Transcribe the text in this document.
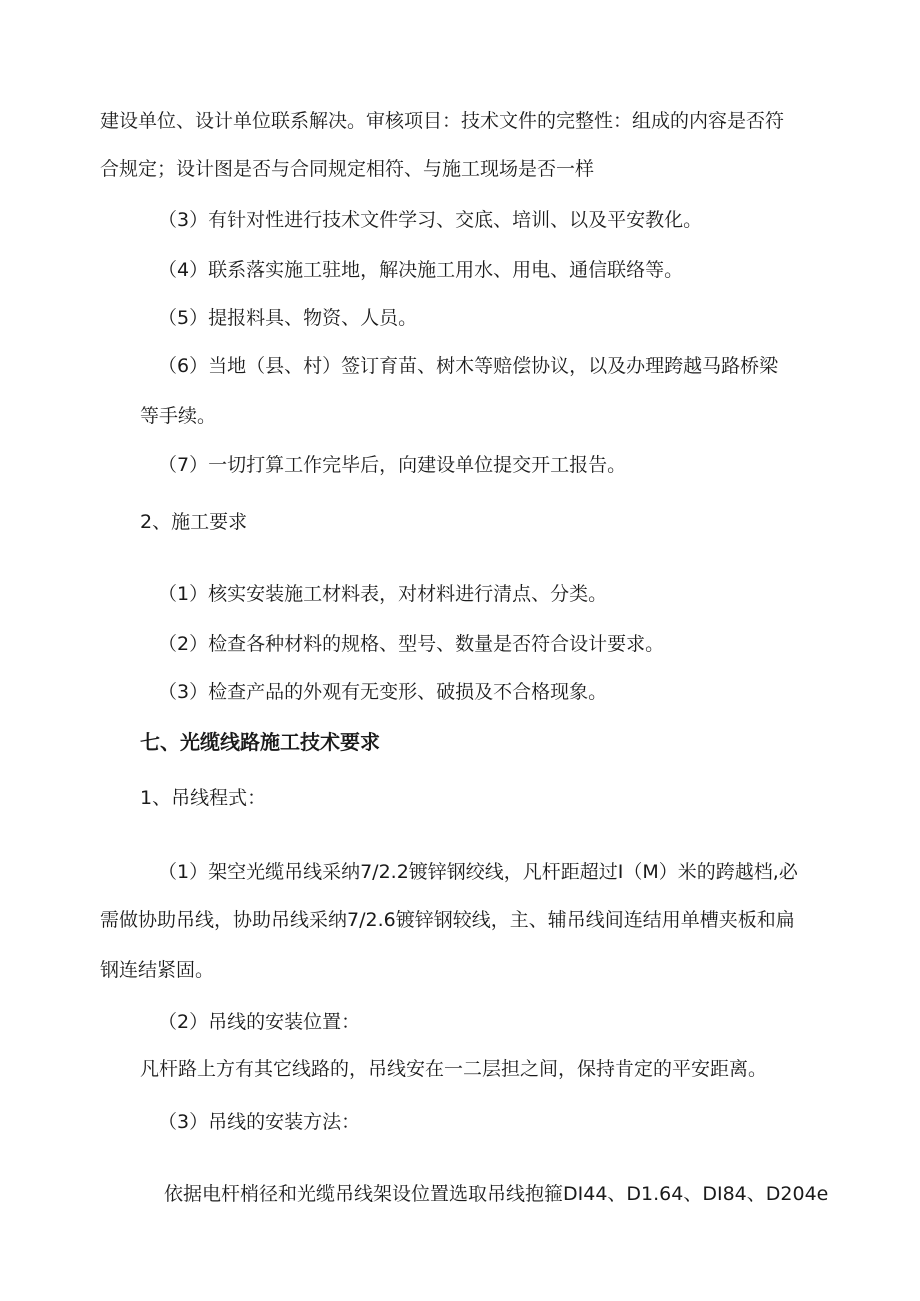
建设单位、设计单位联系解决。审核项目：技术文件的完整性：组成的内容是否符
合规定；设计图是否与合同规定相符、与施工现场是否一样
（3）有针对性进行技术文件学习、交底、培训、以及平安教化。
（4）联系落实施工驻地，解决施工用水、用电、通信联络等。
（5）提报料具、物资、人员。
（6）当地（县、村）签订育苗、树木等赔偿协议，以及办理跨越马路桥梁
等手续。
（7）一切打算工作完毕后，向建设单位提交开工报告。
2、施工要求
（1）核实安装施工材料表，对材料进行清点、分类。
（2）检查各种材料的规格、型号、数量是否符合设计要求。
（3）检查产品的外观有无变形、破损及不合格现象。
七、光缆线路施工技术要求
1、吊线程式：
（1）架空光缆吊线采纳7/2.2镀锌钢绞线，凡杆距超过I（M）米的跨越档,必
需做协助吊线，协助吊线采纳7/2.6镀锌钢较线，主、辅吊线间连结用单槽夹板和扁
钢连结紧固。
（2）吊线的安装位置：
凡杆路上方有其它线路的，吊线安在一二层担之间，保持肯定的平安距离。
（3）吊线的安装方法：
依据电杆梢径和光缆吊线架设位置选取吊线抱箍DI44、D1.64、DI84、D204e
